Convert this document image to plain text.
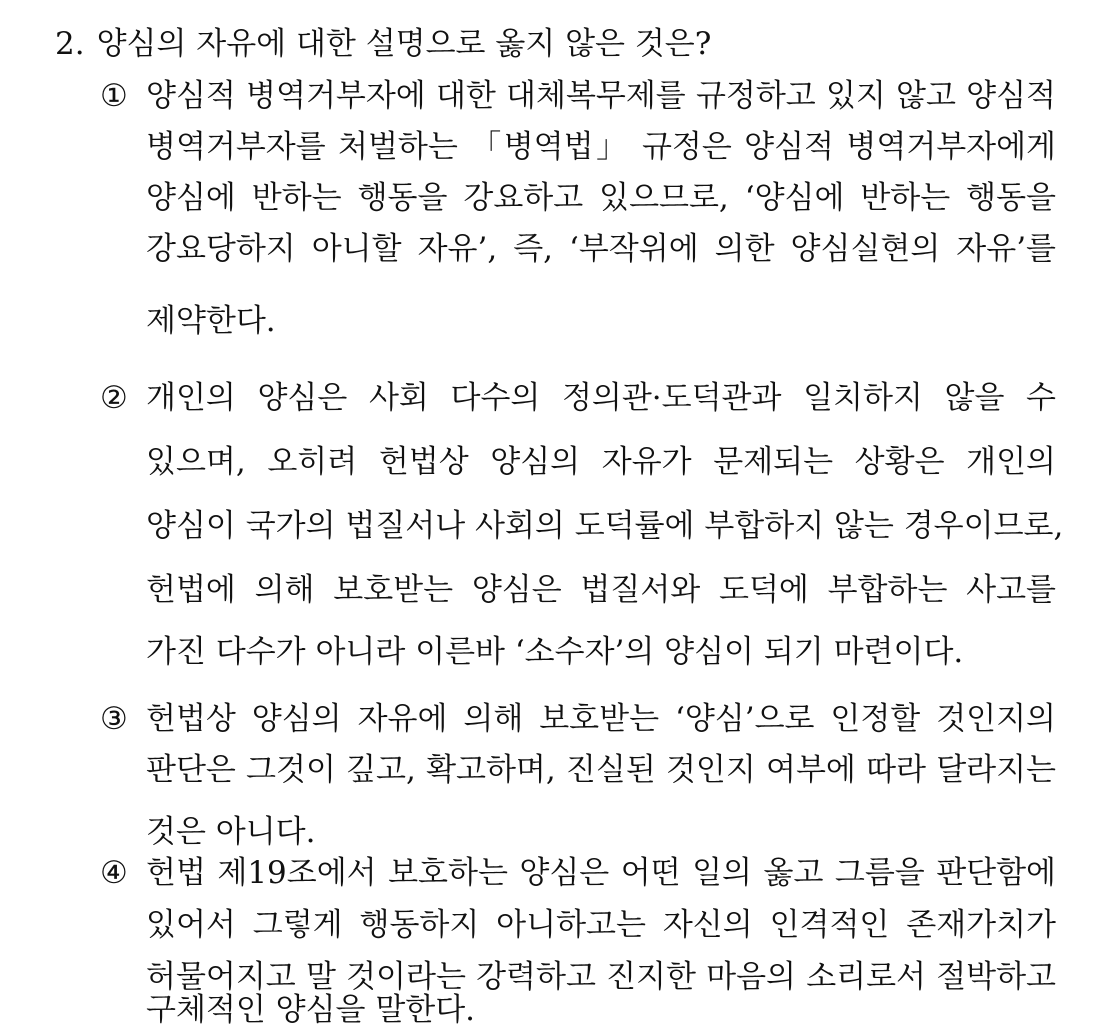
2. 양심의 자유에 대한 설명으로 옳지 않은 것은?
① 양심적 병역거부자에 대한 대체복무제를 규정하고 있지 않고 양심적
병역거부자를 처벌하는 「병역법」 규정은 양심적 병역거부자에게
양심에 반하는 행동을 강요하고 있으므로, ‘양심에 반하는 행동을
강요당하지 아니할 자유’, 즉, ‘부작위에 의한 양심실현의 자유’를
제약한다.
② 개인의 양심은 사회 다수의 정의관·도덕관과 일치하지 않을 수
있으며, 오히려 헌법상 양심의 자유가 문제되는 상황은 개인의
양심이 국가의 법질서나 사회의 도덕률에 부합하지 않는 경우이므로,
헌법에 의해 보호받는 양심은 법질서와 도덕에 부합하는 사고를
가진 다수가 아니라 이른바 ‘소수자’의 양심이 되기 마련이다.
③ 헌법상 양심의 자유에 의해 보호받는 ‘양심’으로 인정할 것인지의
판단은 그것이 깊고, 확고하며, 진실된 것인지 여부에 따라 달라지는
것은 아니다.
④ 헌법 제19조에서 보호하는 양심은 어떤 일의 옳고 그름을 판단함에
있어서 그렇게 행동하지 아니하고는 자신의 인격적인 존재가치가
허물어지고 말 것이라는 강력하고 진지한 마음의 소리로서 절박하고
구체적인 양심을 말한다.
